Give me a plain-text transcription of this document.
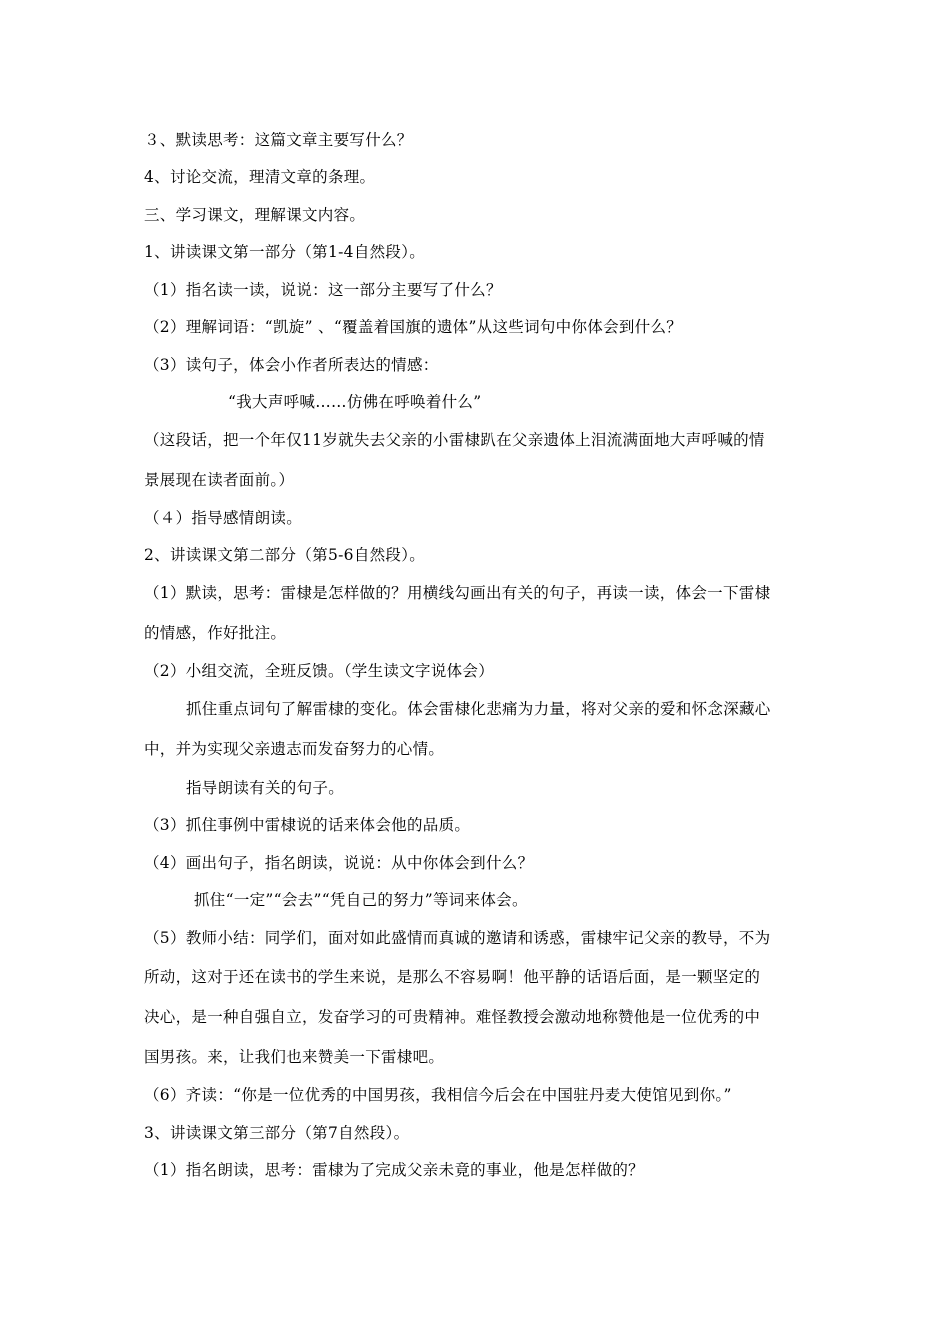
３、默读思考：这篇文章主要写什么？
4、讨论交流，理清文章的条理。
三、学习课文，理解课文内容。
1、讲读课文第一部分（第1-4自然段）。
（1）指名读一读，说说：这一部分主要写了什么？
（2）理解词语：“凯旋” 、“覆盖着国旗的遗体”从这些词句中你体会到什么？
（3）读句子，体会小作者所表达的情感：
“我大声呼喊……仿佛在呼唤着什么”
（这段话，把一个年仅11岁就失去父亲的小雷棣趴在父亲遗体上泪流满面地大声呼喊的情
景展现在读者面前。）
（４）指导感情朗读。
2、讲读课文第二部分（第5-6自然段）。
（1）默读，思考：雷棣是怎样做的？用横线勾画出有关的句子，再读一读，体会一下雷棣
的情感，作好批注。
（2）小组交流，全班反馈。（学生读文字说体会）
抓住重点词句了解雷棣的变化。体会雷棣化悲痛为力量，将对父亲的爱和怀念深藏心
中，并为实现父亲遗志而发奋努力的心情。
指导朗读有关的句子。
（3）抓住事例中雷棣说的话来体会他的品质。
（4）画出句子，指名朗读，说说：从中你体会到什么？
抓住“一定”“会去”“凭自己的努力”等词来体会。
（5）教师小结：同学们，面对如此盛情而真诚的邀请和诱惑，雷棣牢记父亲的教导，不为
所动，这对于还在读书的学生来说，是那么不容易啊！他平静的话语后面，是一颗坚定的
决心，是一种自强自立，发奋学习的可贵精神。难怪教授会激动地称赞他是一位优秀的中
国男孩。来，让我们也来赞美一下雷棣吧。
（6）齐读：“你是一位优秀的中国男孩，我相信今后会在中国驻丹麦大使馆见到你。”
3、讲读课文第三部分（第7自然段）。
（1）指名朗读，思考：雷棣为了完成父亲未竟的事业，他是怎样做的？
